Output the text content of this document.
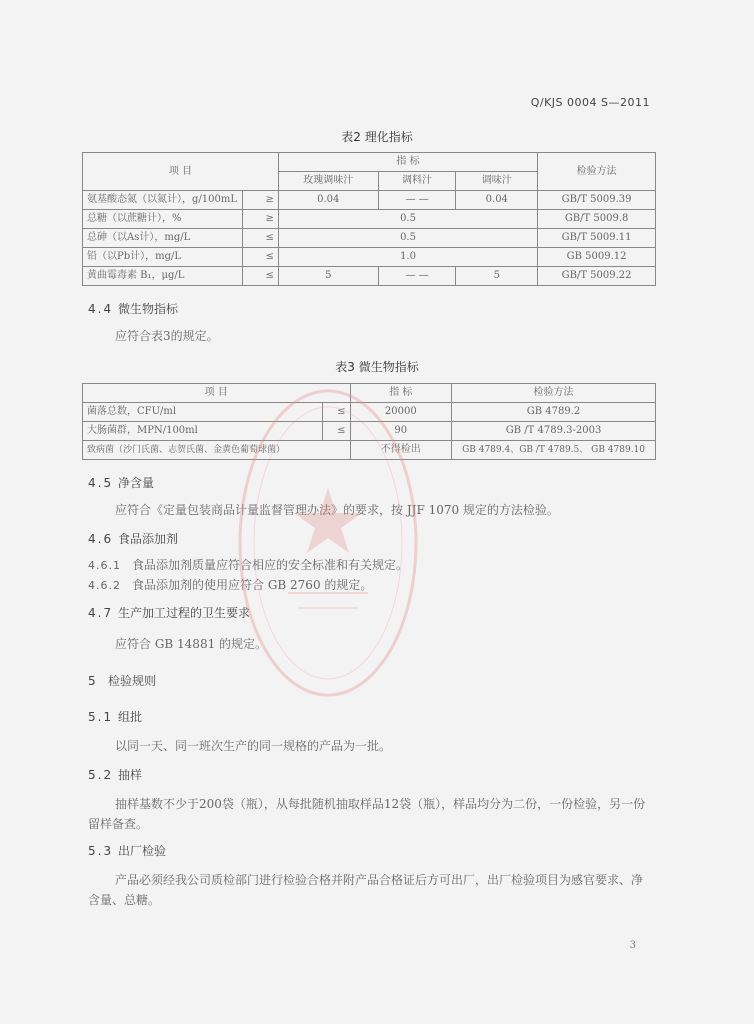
Q/KJS 0004 S—2011
表2 理化指标
项 目		指 标			检验方法
		玫瑰调味汁	调料汁	调味汁	
氨基酸态氮（以氮计），g/100mL	≥	0.04	— —	0.04	GB/T 5009.39
总糖（以蔗糖计），%	≥	0.5			GB/T 5009.8
总砷（以As计），mg/L	≤	0.5			GB/T 5009.11
铅（以Pb计），mg/L	≤	1.0			GB 5009.12
黄曲霉毒素 B₁，μg/L	≤	5	— —	5	GB/T 5009.22
4.4 微生物指标
应符合表3的规定。
表3 微生物指标
项 目		指 标	检验方法
菌落总数，CFU/ml	≤	20000	GB 4789.2
大肠菌群，MPN/100ml	≤	90	GB /T 4789.3-2003
致病菌（沙门氏菌、志贺氏菌、金黄色葡萄球菌）		不得检出	GB 4789.4、GB /T 4789.5、 GB 4789.10
4.5 净含量
应符合《定量包装商品计量监督管理办法》的要求，按 JJF 1070 规定的方法检验。
4.6 食品添加剂
4.6.1 食品添加剂质量应符合相应的安全标准和有关规定。
4.6.2 食品添加剂的使用应符合 GB 2760 的规定。
4.7 生产加工过程的卫生要求
应符合 GB 14881 的规定。
5 检验规则
5.1 组批
以同一天、同一班次生产的同一规格的产品为一批。
5.2 抽样
抽样基数不少于200袋（瓶），从每批随机抽取样品12袋（瓶），样品均分为二份，一份检验，另一份留样备查。
5.3 出厂检验
产品必须经我公司质检部门进行检验合格并附产品合格证后方可出厂，出厂检验项目为感官要求、净含量、总糖。
3
